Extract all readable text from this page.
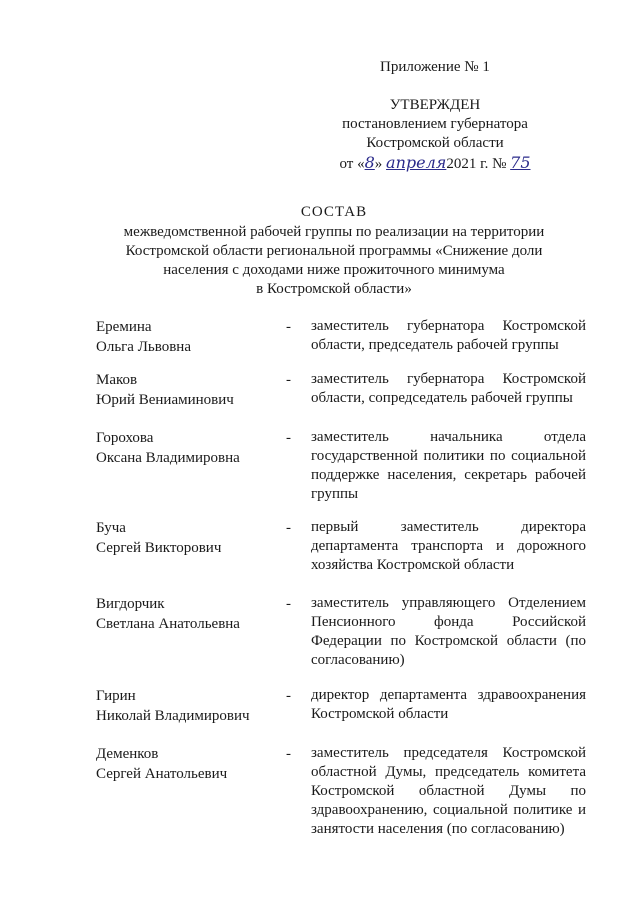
Приложение № 1
УТВЕРЖДЕН
постановлением губернатора
Костромской области
от «8» апреля2021 г. № 75
СОСТАВ
межведомственной рабочей группы по реализации на территории
Костромской области региональной программы «Снижение доли
населения с доходами ниже прожиточного минимума
в Костромской области»
Еремина
Ольга Львовна
- заместитель губернатора Костромской области, председатель рабочей группы
Маков
Юрий Вениаминович
- заместитель губернатора Костромской области, сопредседатель рабочей группы
Горохова
Оксана Владимировна
- заместитель начальника отдела государственной политики по социальной поддержке населения, секретарь рабочей группы
Буча
Сергей Викторович
- первый заместитель директора департамента транспорта и дорожного хозяйства Костромской области
Вигдорчик
Светлана Анатольевна
- заместитель управляющего Отделением Пенсионного фонда Российской Федерации по Костромской области (по согласованию)
Гирин
Николай Владимирович
- директор департамента здравоохранения Костромской области
Деменков
Сергей Анатольевич
- заместитель председателя Костромской областной Думы, председатель комитета Костромской областной Думы по здравоохранению, социальной политике и занятости населения (по согласованию)
